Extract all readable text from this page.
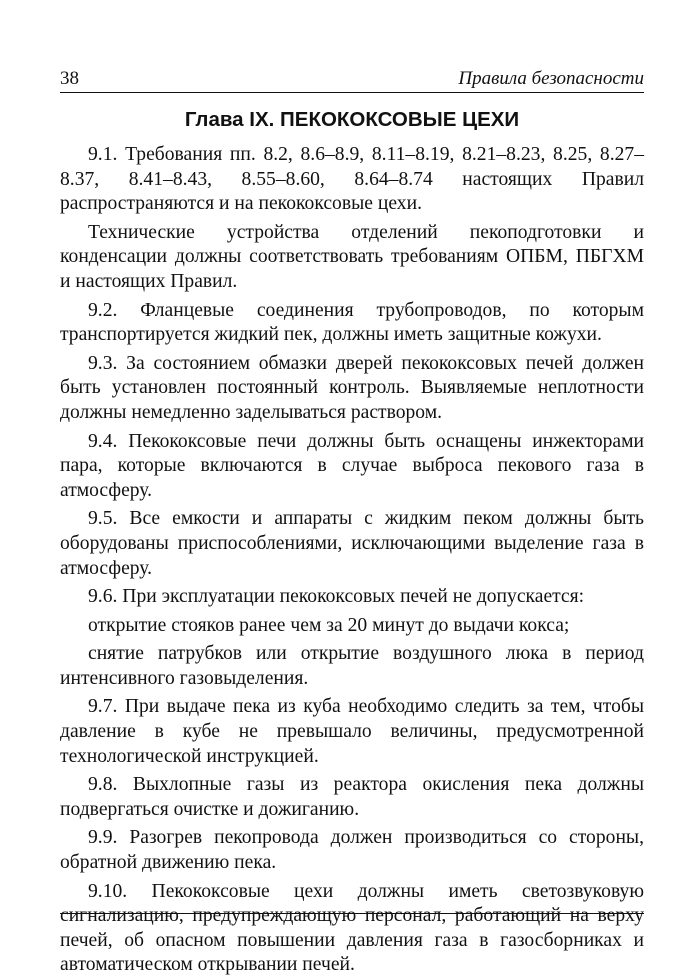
38	Правила безопасности
Глава IX. ПЕКОКОКСОВЫЕ ЦЕХИ

9.1. Требования пп. 8.2, 8.6–8.9, 8.11–8.19, 8.21–8.23, 8.25, 8.27–8.37, 8.41–8.43, 8.55–8.60, 8.64–8.74 настоящих Правил распространяются и на пекококсовые цехи.

Технические устройства отделений пекоподготовки и конденсации должны соответствовать требованиям ОПБМ, ПБГХМ и настоящих Правил.

9.2. Фланцевые соединения трубопроводов, по которым транспортируется жидкий пек, должны иметь защитные кожухи.

9.3. За состоянием обмазки дверей пекококсовых печей должен быть установлен постоянный контроль. Выявляемые неплотности должны немедленно заделываться раствором.

9.4. Пекококсовые печи должны быть оснащены инжекторами пара, которые включаются в случае выброса пекового газа в атмосферу.

9.5. Все емкости и аппараты с жидким пеком должны быть оборудованы приспособлениями, исключающими выделение газа в атмосферу.

9.6. При эксплуатации пекококсовых печей не допускается:

открытие стояков ранее чем за 20 минут до выдачи кокса;

снятие патрубков или открытие воздушного люка в период интенсивного газовыделения.

9.7. При выдаче пека из куба необходимо следить за тем, чтобы давление в кубе не превышало величины, предусмотренной технологической инструкцией.

9.8. Выхлопные газы из реактора окисления пека должны подвергаться очистке и дожиганию.

9.9. Разогрев пекопровода должен производиться со стороны, обратной движению пека.

9.10. Пекококсовые цехи должны иметь светозвуковую сигнализацию, предупреждающую персонал, работающий на верху печей, об опасном повышении давления газа в газосборниках и автоматическом открывании печей.
